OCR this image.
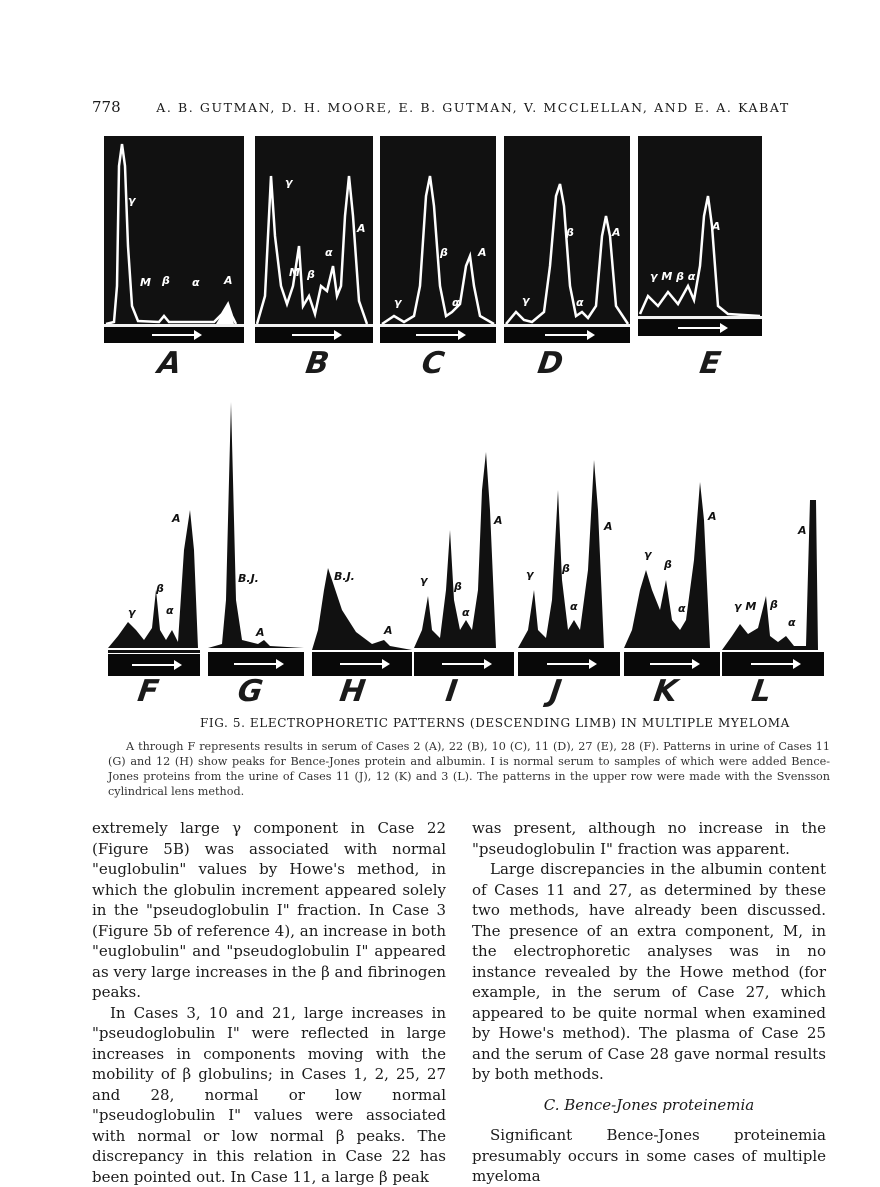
778	A. B. GUTMAN, D. H. MOORE, E. B. GUTMAN, V. MCCLELLAN, AND E. A. KABAT
γ
M β α A
A
γ
M β
α
A
B
γ
β
α
A
C
γ
β
α
A
D
γ M β α
A
E
γ
β
α
A
F
B.J.
A
G
B.J.
A
H
γ β
α
A
I
γ	β
α
A
J
γ
β
α
A
K
γ M β
α
A
L
FIG. 5. ELECTROPHORETIC PATTERNS (DESCENDING LIMB) IN MULTIPLE MYELOMA
A through F represents results in serum of Cases 2 (A), 22 (B), 10 (C), 11 (D), 27 (E), 28 (F). Patterns in urine of Cases 11 (G) and 12 (H) show peaks for Bence-Jones protein and albumin. I is normal serum to samples of which were added Bence-Jones proteins from the urine of Cases 11 (J), 12 (K) and 3 (L). The patterns in the upper row were made with the Svensson cylindrical lens method.

extremely large γ component in Case 22 (Figure 5B) was associated with normal "euglobulin" values by Howe's method, in which the globulin increment appeared solely in the "pseudoglobulin I" fraction. In Case 3 (Figure 5b of reference 4), an increase in both "euglobulin" and "pseudoglobulin I" appeared as very large increases in the β and fibrinogen peaks.

In Cases 3, 10 and 21, large increases in "pseudoglobulin I" were reflected in large increases in components moving with the mobility of β globulins; in Cases 1, 2, 25, 27 and 28, normal or low normal "pseudoglobulin I" values were associated with normal or low normal β peaks. The discrepancy in this relation in Case 22 has been pointed out. In Case 11, a large β peak

was present, although no increase in the "pseudoglobulin I" fraction was apparent.

Large discrepancies in the albumin content of Cases 11 and 27, as determined by these two methods, have already been discussed. The presence of an extra component, M, in the electrophoretic analyses was in no instance revealed by the Howe method (for example, in the serum of Case 27, which appeared to be quite normal when examined by Howe's method). The plasma of Case 25 and the serum of Case 28 gave normal results by both methods.

C. Bence-Jones proteinemia

Significant Bence-Jones proteinemia presumably occurs in some cases of multiple myeloma
